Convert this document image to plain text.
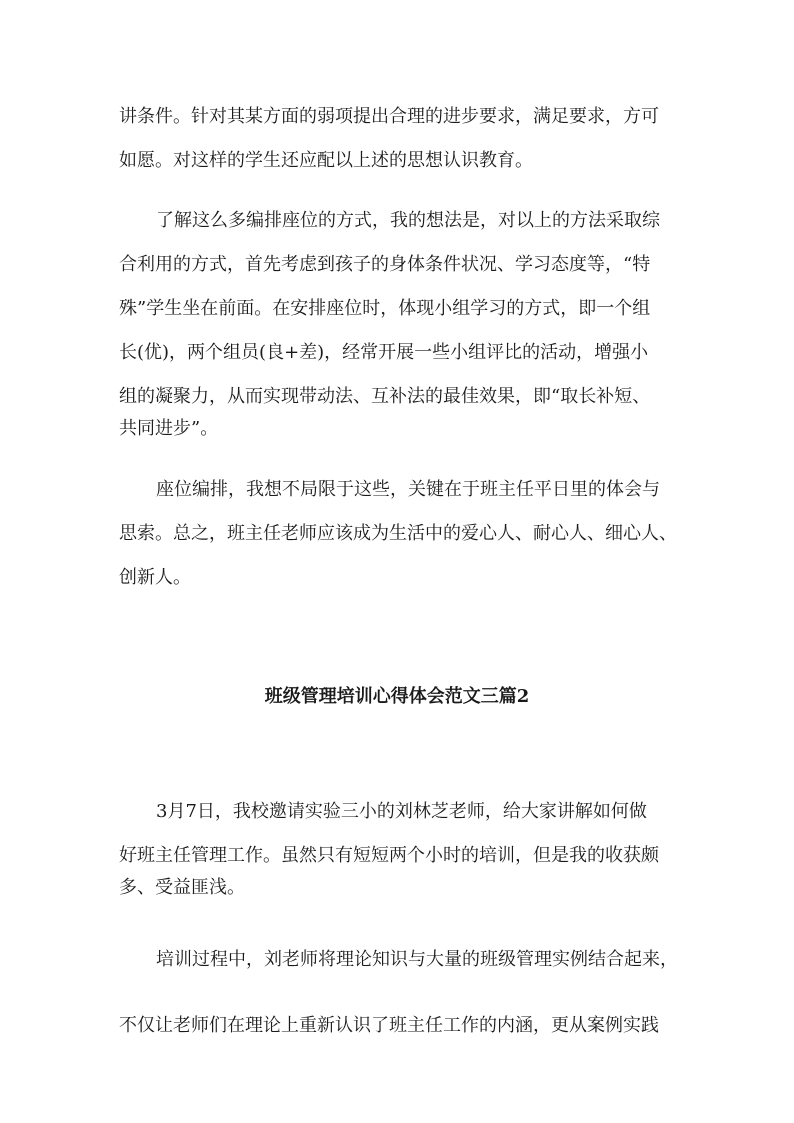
讲条件。针对其某方面的弱项提出合理的进步要求，满足要求，方可
如愿。对这样的学生还应配以上述的思想认识教育。
了解这么多编排座位的方式，我的想法是，对以上的方法采取综
合利用的方式，首先考虑到孩子的身体条件状况、学习态度等，“特
殊”学生坐在前面。在安排座位时，体现小组学习的方式，即一个组
长(优)，两个组员(良+差)，经常开展一些小组评比的活动，增强小
组的凝聚力，从而实现带动法、互补法的最佳效果，即“取长补短、
共同进步”。
座位编排，我想不局限于这些，关键在于班主任平日里的体会与
思索。总之，班主任老师应该成为生活中的爱心人、耐心人、细心人、
创新人。
班级管理培训心得体会范文三篇2
3月7日，我校邀请实验三小的刘林芝老师，给大家讲解如何做
好班主任管理工作。虽然只有短短两个小时的培训，但是我的收获颇
多、受益匪浅。
培训过程中，刘老师将理论知识与大量的班级管理实例结合起来，
不仅让老师们在理论上重新认识了班主任工作的内涵，更从案例实践
